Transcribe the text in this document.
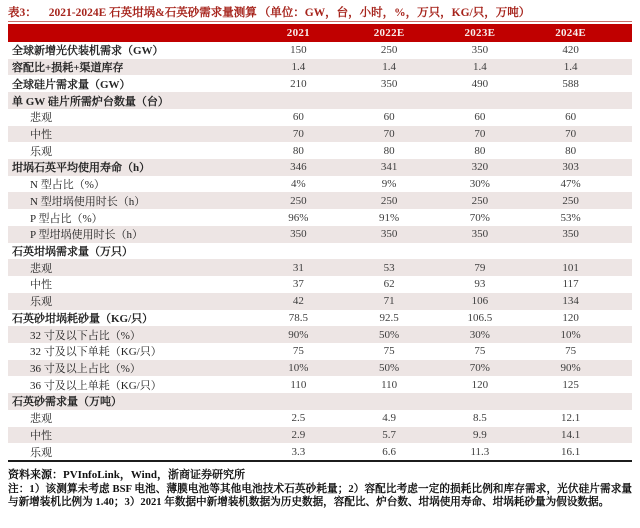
表3： 2021-2024E 石英坩埚&石英砂需求量测算 （单位：GW，台，小时，%，万只，KG/只，万吨）
2021	2022E	2023E	2024E
全球新增光伏装机需求（GW）	150	250	350	420
容配比+损耗+渠道库存	1.4	1.4	1.4	1.4
全球硅片需求量（GW）	210	350	490	588
单 GW 硅片所需炉台数量（台）
悲观	60	60	60	60
中性	70	70	70	70
乐观	80	80	80	80
坩埚石英平均使用寿命（h）	346	341	320	303
N 型占比（%）	4%	9%	30%	47%
N 型坩埚使用时长（h）	250	250	250	250
P 型占比（%）	96%	91%	70%	53%
P 型坩埚使用时长（h）	350	350	350	350
石英坩埚需求量（万只）
悲观	31	53	79	101
中性	37	62	93	117
乐观	42	71	106	134
石英砂坩埚耗砂量（KG/只）	78.5	92.5	106.5	120
32 寸及以下占比（%）	90%	50%	30%	10%
32 寸及以下单耗（KG/只）	75	75	75	75
36 寸及以上占比（%）	10%	50%	70%	90%
36 寸及以上单耗（KG/只）	110	110	120	125
石英砂需求量（万吨）
悲观	2.5	4.9	8.5	12.1
中性	2.9	5.7	9.9	14.1
乐观	3.3	6.6	11.3	16.1
资料来源：PVInfoLink，Wind，浙商证券研究所
注：1）该测算未考虑 BSF 电池、薄膜电池等其他电池技术石英砂耗量；2）容配比考虑一定的损耗比例和库存需求，光伏硅片需求量与新增装机比例为 1.40；3）2021 年数据中新增装机数据为历史数据，容配比、炉台数、坩埚使用寿命、坩埚耗砂量为假设数据。
